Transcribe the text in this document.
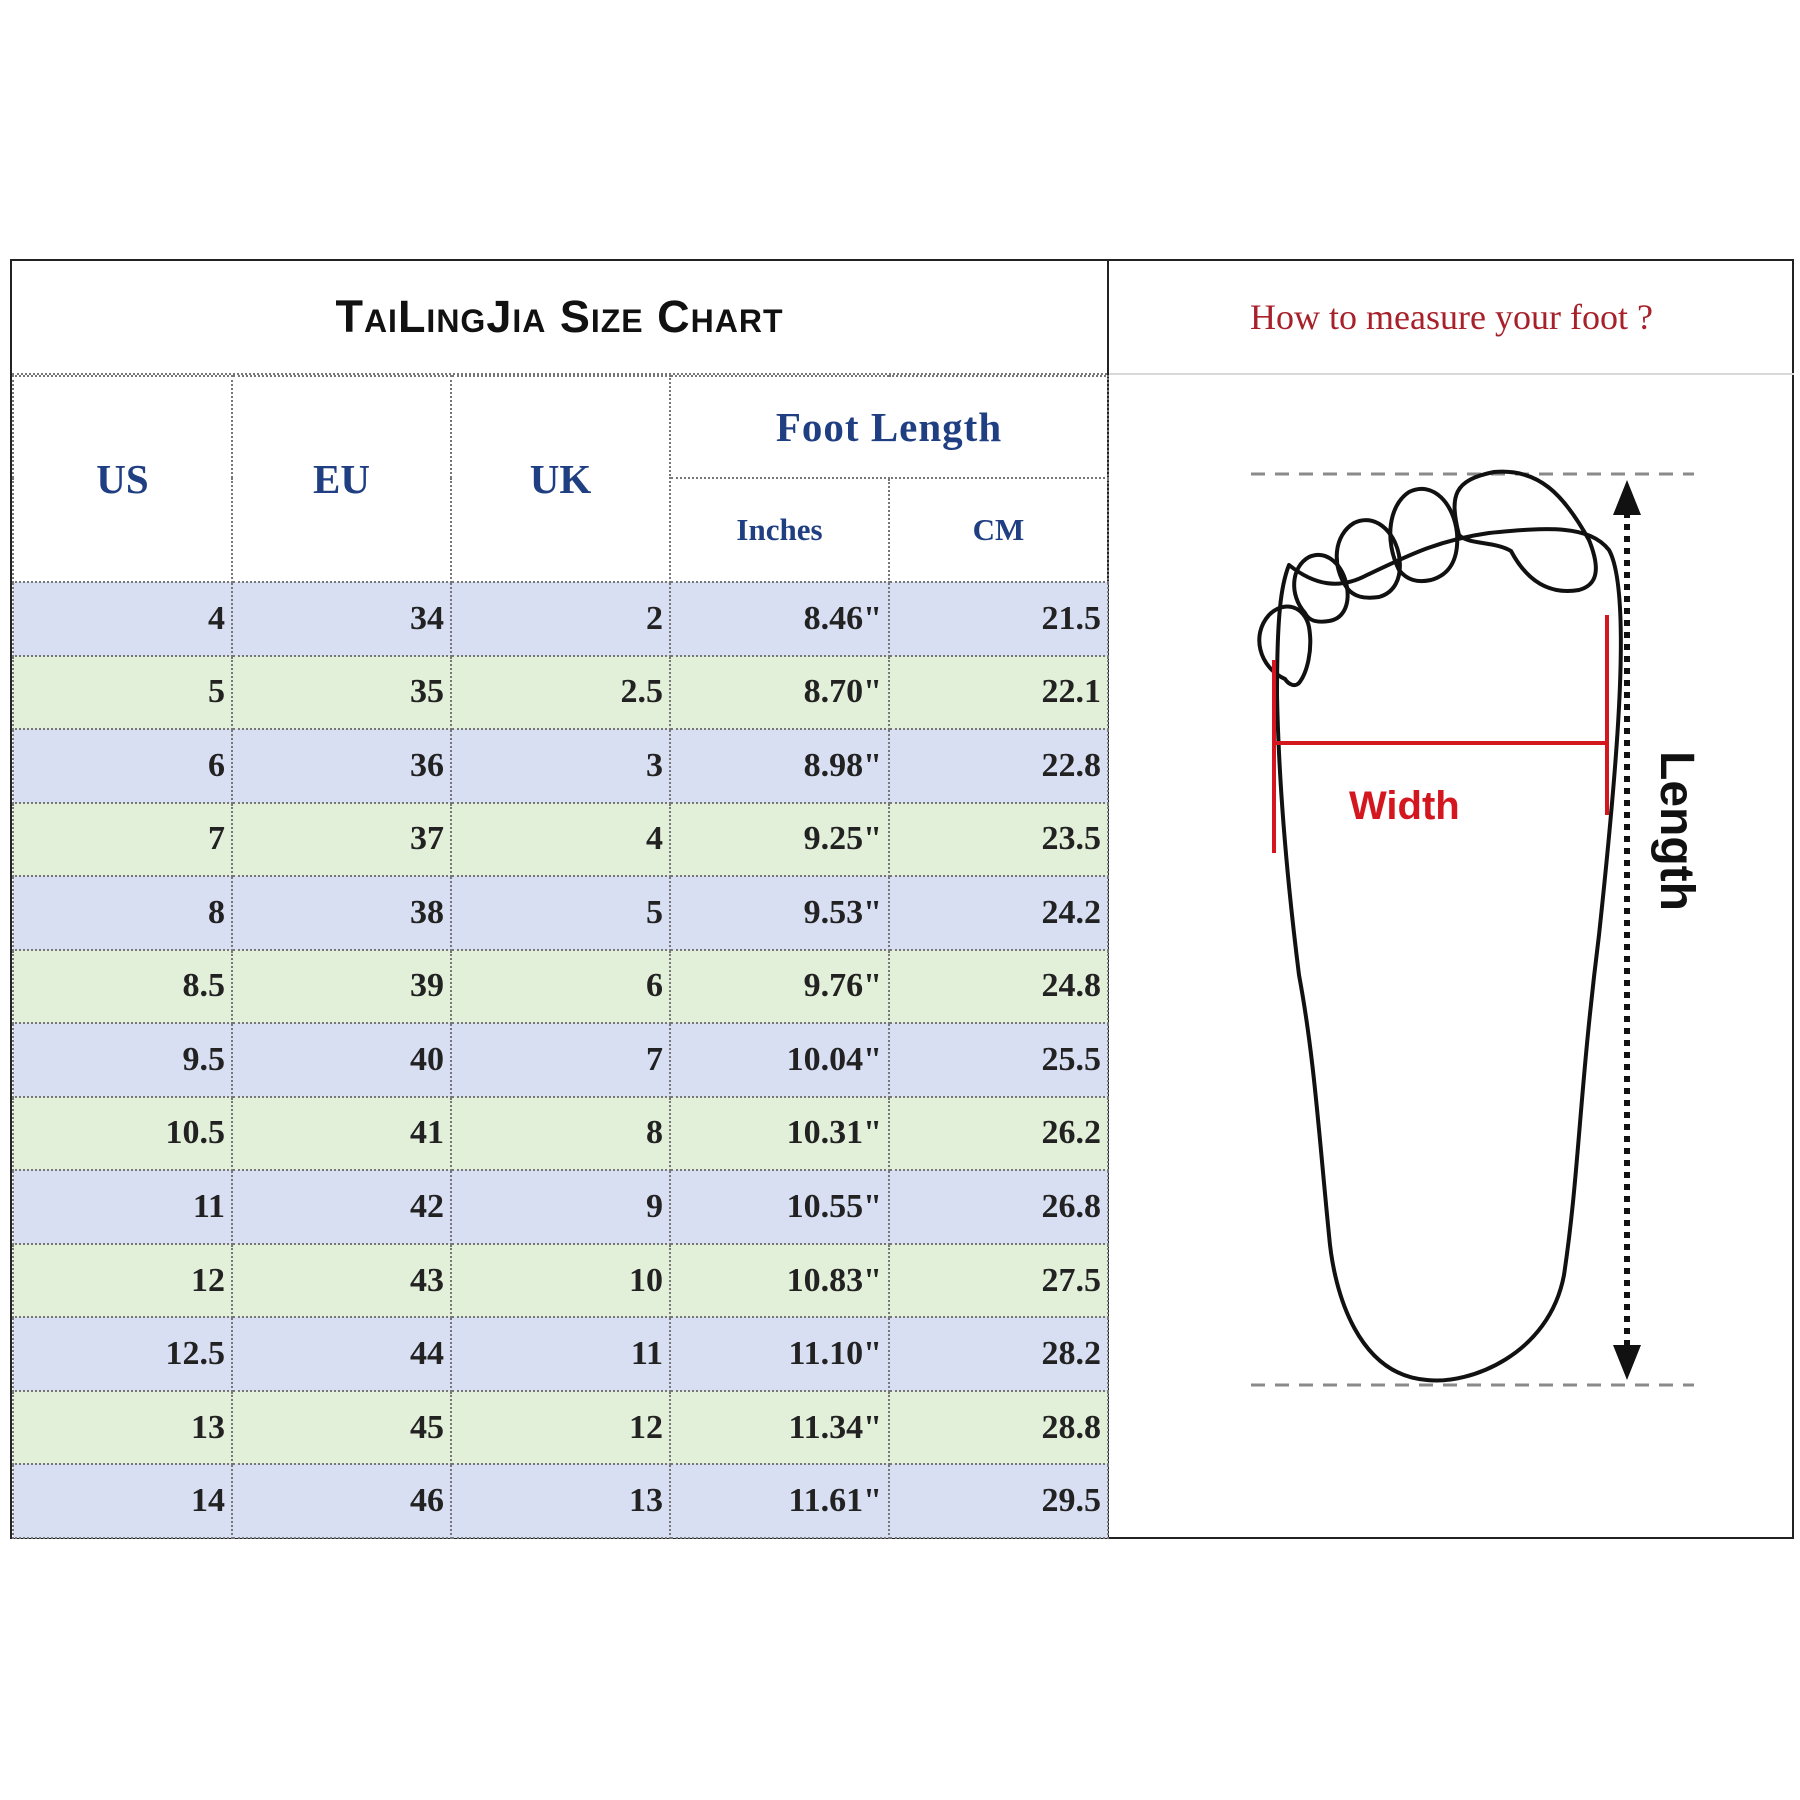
TaiLingJia Size Chart
US	EU	UK	Foot Length	
			Inches	CM
4	34	2	8.46"	21.5
5	35	2.5	8.70"	22.1
6	36	3	8.98"	22.8
7	37	4	9.25"	23.5
8	38	5	9.53"	24.2
8.5	39	6	9.76"	24.8
9.5	40	7	10.04"	25.5
10.5	41	8	10.31"	26.2
11	42	9	10.55"	26.8
12	43	10	10.83"	27.5
12.5	44	11	11.10"	28.2
13	45	12	11.34"	28.8
14	46	13	11.61"	29.5
How to measure your foot ?
Width	Length
